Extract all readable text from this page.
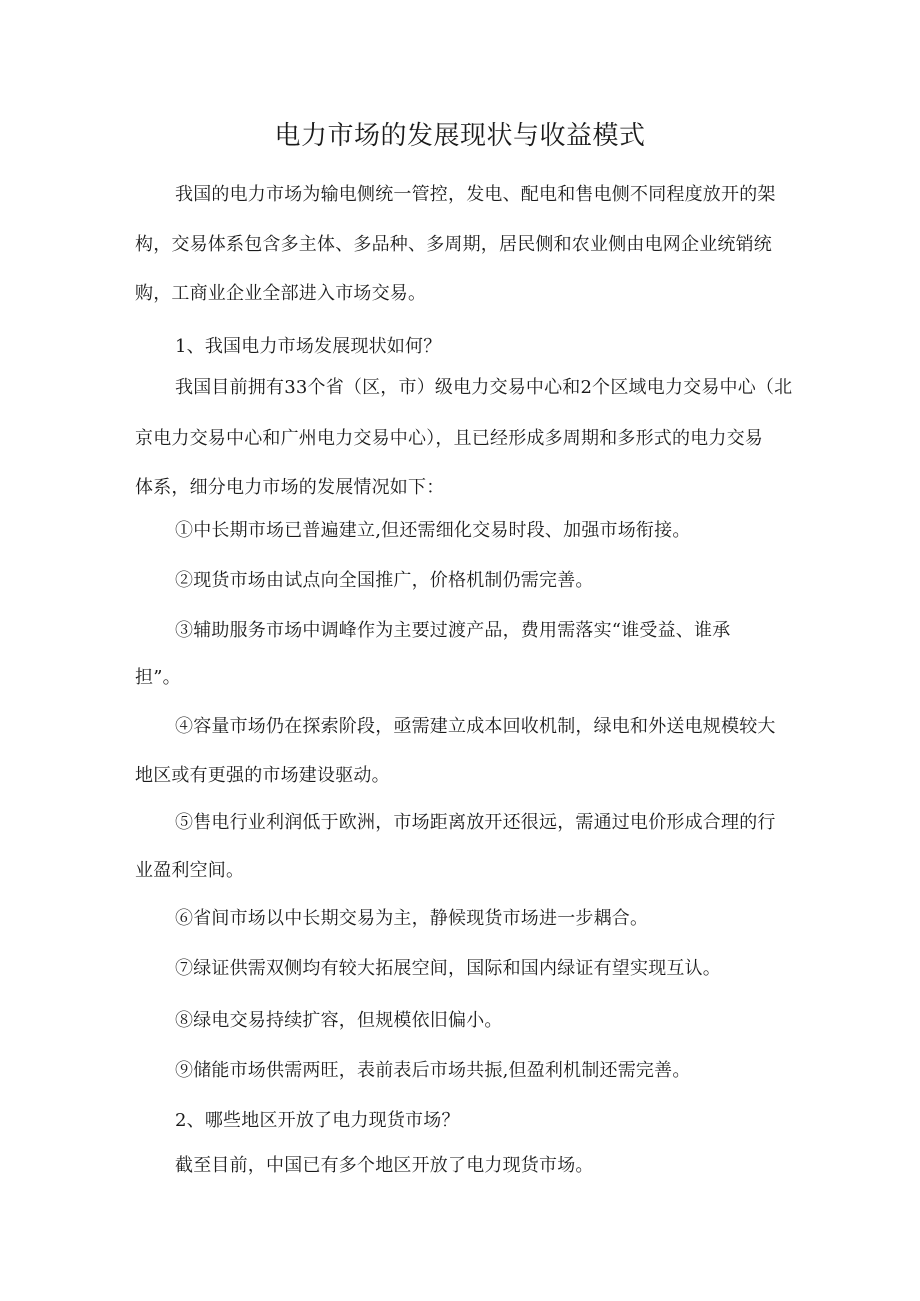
电力市场的发展现状与收益模式

我国的电力市场为输电侧统一管控，发电、配电和售电侧不同程度放开的架

构，交易体系包含多主体、多品种、多周期，居民侧和农业侧由电网企业统销统

购，工商业企业全部进入市场交易。

1、我国电力市场发展现状如何？

我国目前拥有33个省（区，市）级电力交易中心和2个区域电力交易中心（北

京电力交易中心和广州电力交易中心），且已经形成多周期和多形式的电力交易

体系，细分电力市场的发展情况如下：

①中长期市场已普遍建立,但还需细化交易时段、加强市场衔接。

②现货市场由试点向全国推广，价格机制仍需完善。

③辅助服务市场中调峰作为主要过渡产品，费用需落实“谁受益、谁承

担”。

④容量市场仍在探索阶段，亟需建立成本回收机制，绿电和外送电规模较大

地区或有更强的市场建设驱动。

⑤售电行业利润低于欧洲，市场距离放开还很远，需通过电价形成合理的行

业盈利空间。

⑥省间市场以中长期交易为主，静候现货市场进一步耦合。

⑦绿证供需双侧均有较大拓展空间，国际和国内绿证有望实现互认。

⑧绿电交易持续扩容，但规模依旧偏小。

⑨储能市场供需两旺，表前表后市场共振,但盈利机制还需完善。

2、哪些地区开放了电力现货市场？

截至目前，中国已有多个地区开放了电力现货市场。
